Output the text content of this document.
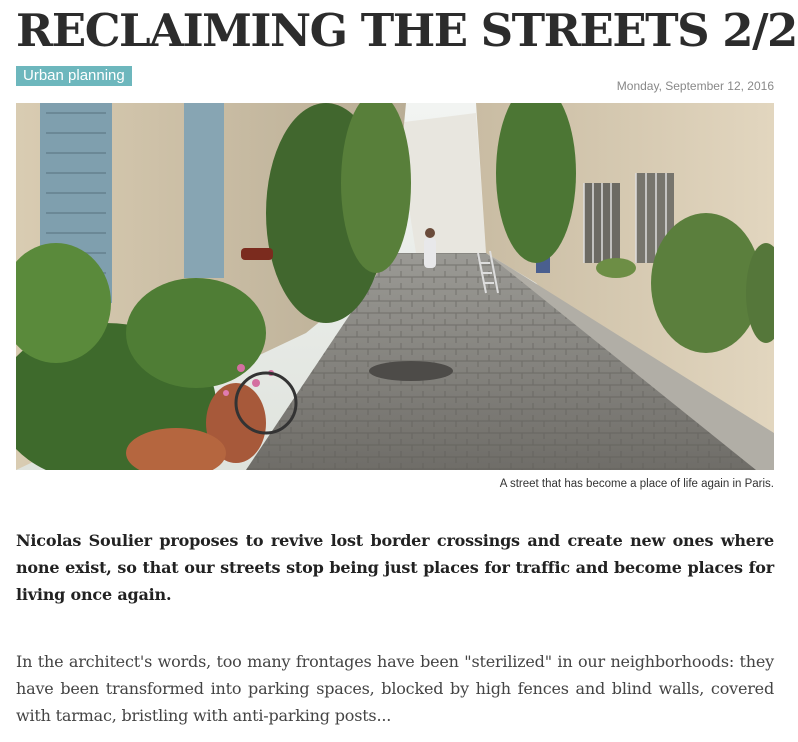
RECLAIMING THE STREETS 2/2
Urban planning
Monday, September 12, 2016
A street that has become a place of life again in Paris.

Nicolas Soulier proposes to revive lost border crossings and create new ones where none exist, so that our streets stop being just places for traffic and become places for living once again.

In the architect's words, too many frontages have been "sterilized" in our neighborhoods: they have been transformed into parking spaces, blocked by high fences and blind walls, covered with tarmac, bristling with anti-parking posts...
